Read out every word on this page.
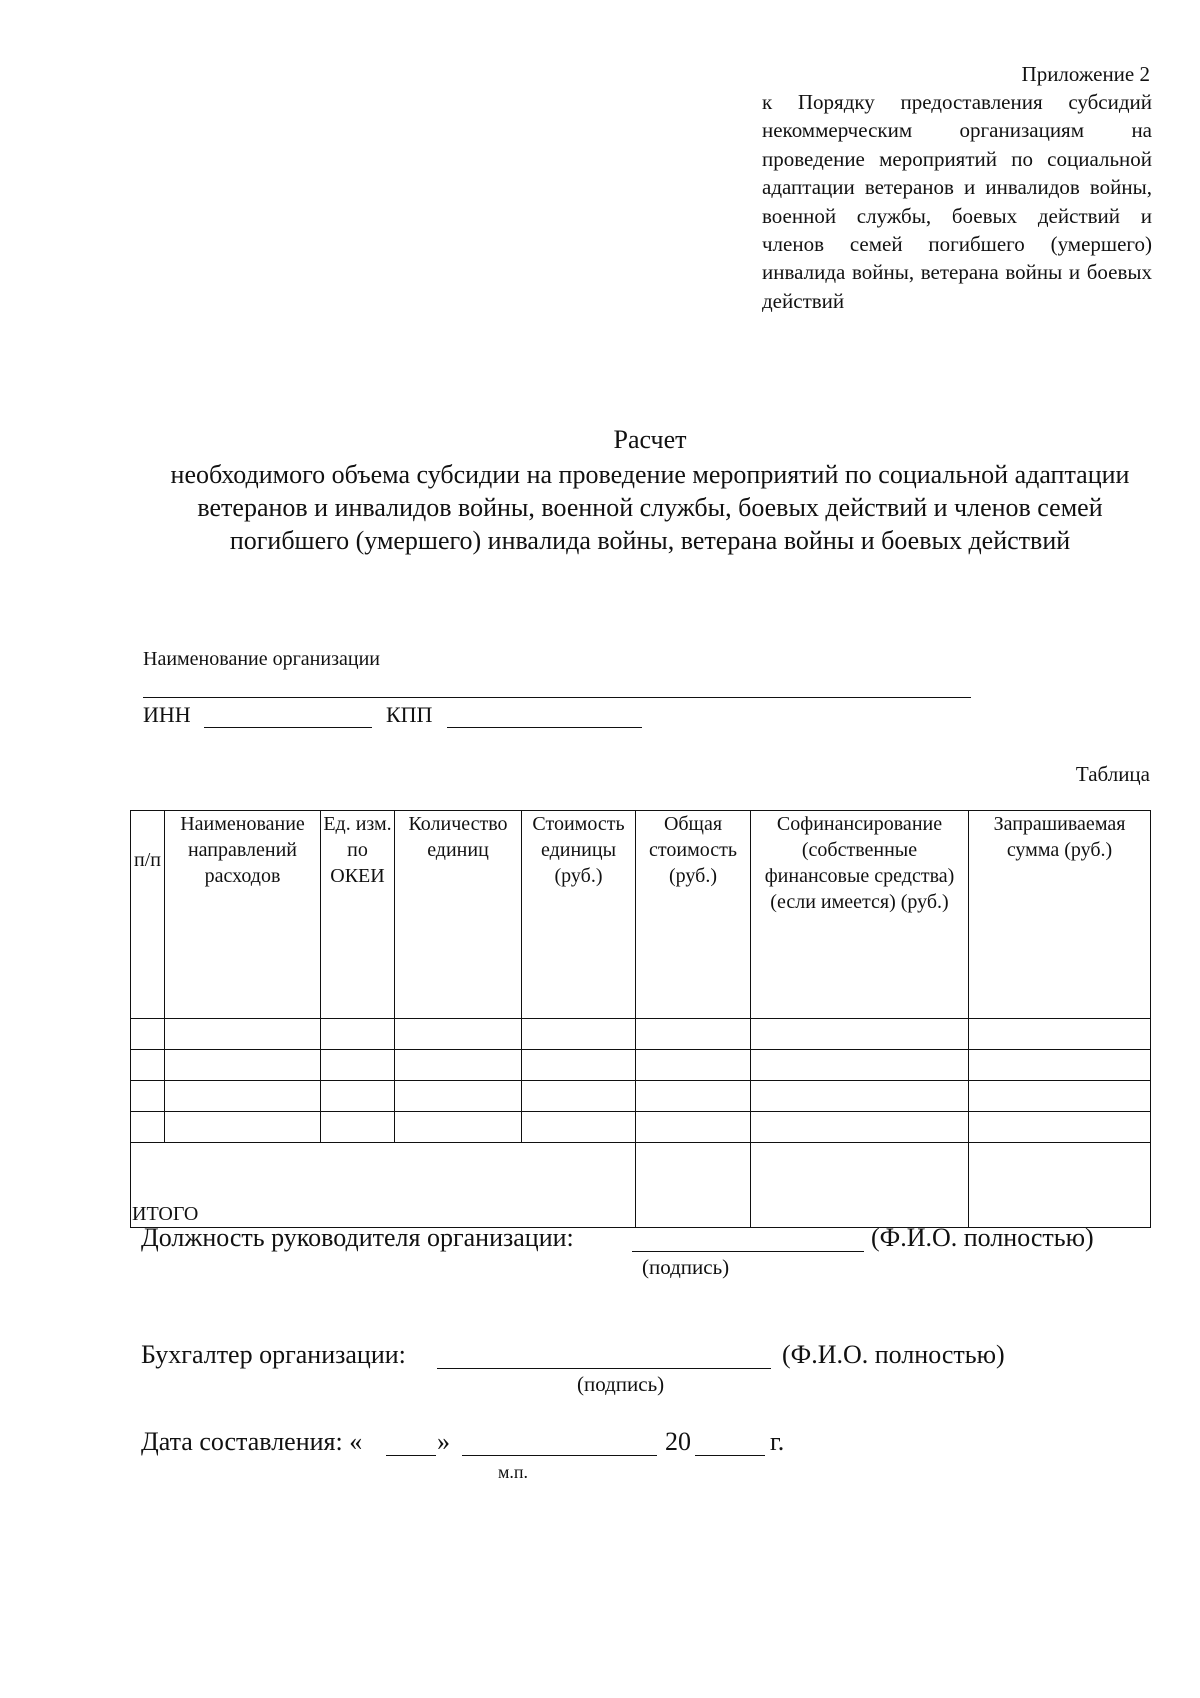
Приложение 2
к Порядку предоставления субсидий некоммерческим организациям на проведение мероприятий по социальной адаптации ветеранов и инвалидов войны, военной службы, боевых действий и членов семей погибшего (умершего) инвалида войны, ветерана войны и боевых действий
Расчет
необходимого объема субсидии на проведение мероприятий по социальной адаптации ветеранов и инвалидов войны, военной службы, боевых действий и членов семей погибшего (умершего) инвалида войны, ветерана войны и боевых действий
Наименование организации
ИНН	КПП
Таблица
п/п	Наименование направлений расходов	Ед. изм. по ОКЕИ	Количество единиц	Стоимость единицы (руб.)	Общая стоимость (руб.)	Софинансирование (собственные финансовые средства) (если имеется) (руб.)	Запрашиваемая сумма (руб.)

ИТОГО							
Должность руководителя организации:	(Ф.И.О. полностью)
(подпись)
Бухгалтер организации:	(Ф.И.О. полностью)
(подпись)
Дата составления: «	»	20	г.
м.п.
